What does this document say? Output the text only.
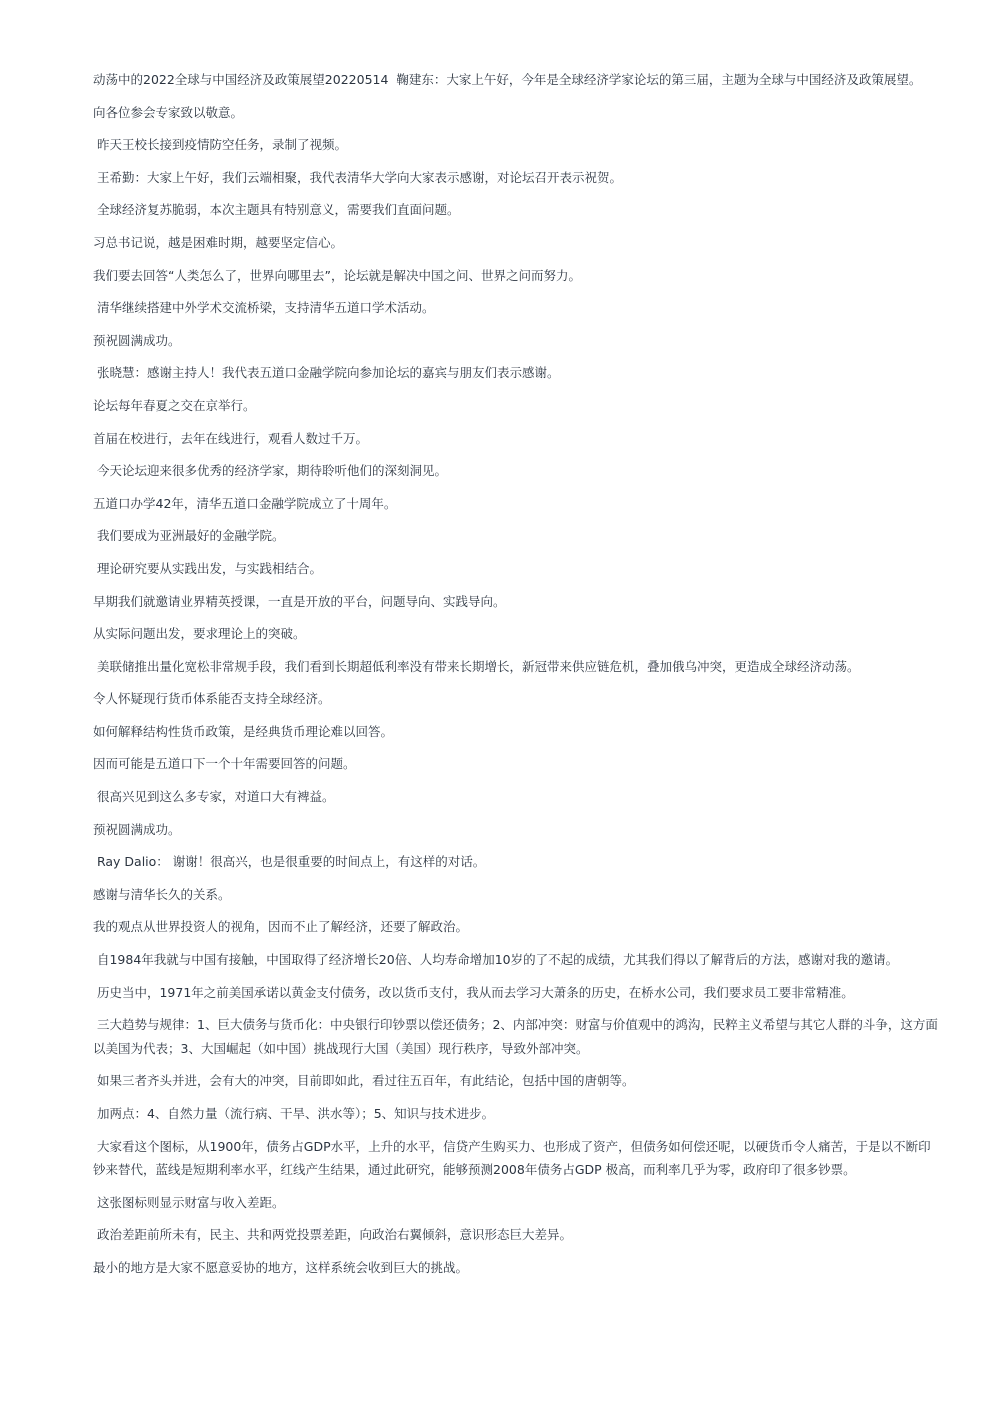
动荡中的2022全球与中国经济及政策展望20220514  鞠建东：大家上午好，今年是全球经济学家论坛的第三届，主题为全球与中国经济及政策展望。

向各位参会专家致以敬意。

昨天王校长接到疫情防空任务，录制了视频。

王希勤：大家上午好，我们云端相聚，我代表清华大学向大家表示感谢，对论坛召开表示祝贺。

全球经济复苏脆弱，本次主题具有特别意义，需要我们直面问题。

习总书记说，越是困难时期，越要坚定信心。

我们要去回答“人类怎么了，世界向哪里去”，论坛就是解决中国之问、世界之问而努力。

清华继续搭建中外学术交流桥梁，支持清华五道口学术活动。

预祝圆满成功。

张晓慧：感谢主持人！我代表五道口金融学院向参加论坛的嘉宾与朋友们表示感谢。

论坛每年春夏之交在京举行。

首届在校进行，去年在线进行，观看人数过千万。

今天论坛迎来很多优秀的经济学家，期待聆听他们的深刻洞见。

五道口办学42年，清华五道口金融学院成立了十周年。

我们要成为亚洲最好的金融学院。

理论研究要从实践出发，与实践相结合。

早期我们就邀请业界精英授课，一直是开放的平台，问题导向、实践导向。

从实际问题出发，要求理论上的突破。

美联储推出量化宽松非常规手段，我们看到长期超低利率没有带来长期增长，新冠带来供应链危机，叠加俄乌冲突，更造成全球经济动荡。

令人怀疑现行货币体系能否支持全球经济。

如何解释结构性货币政策，是经典货币理论难以回答。

因而可能是五道口下一个十年需要回答的问题。

很高兴见到这么多专家，对道口大有裨益。

预祝圆满成功。

Ray Dalio： 谢谢！很高兴，也是很重要的时间点上，有这样的对话。

感谢与清华长久的关系。

我的观点从世界投资人的视角，因而不止了解经济，还要了解政治。

自1984年我就与中国有接触，中国取得了经济增长20倍、人均寿命增加10岁的了不起的成绩，尤其我们得以了解背后的方法，感谢对我的邀请。

历史当中，1971年之前美国承诺以黄金支付债务，改以货币支付，我从而去学习大萧条的历史，在桥水公司，我们要求员工要非常精准。

三大趋势与规律：1、巨大债务与货币化：中央银行印钞票以偿还债务；2、内部冲突：财富与价值观中的鸿沟，民粹主义希望与其它人群的斗争，这方面以美国为代表；3、大国崛起（如中国）挑战现行大国（美国）现行秩序，导致外部冲突。

如果三者齐头并进，会有大的冲突，目前即如此，看过往五百年，有此结论，包括中国的唐朝等。

加两点：4、自然力量（流行病、干旱、洪水等）；5、知识与技术进步。

大家看这个图标，从1900年，债务占GDP水平，上升的水平，信贷产生购买力、也形成了资产，但债务如何偿还呢，以硬货币令人痛苦，于是以不断印钞来替代，蓝线是短期利率水平，红线产生结果，通过此研究，能够预测2008年债务占GDP 极高，而利率几乎为零，政府印了很多钞票。

这张图标则显示财富与收入差距。

政治差距前所未有，民主、共和两党投票差距，向政治右翼倾斜，意识形态巨大差异。

最小的地方是大家不愿意妥协的地方，这样系统会收到巨大的挑战。
